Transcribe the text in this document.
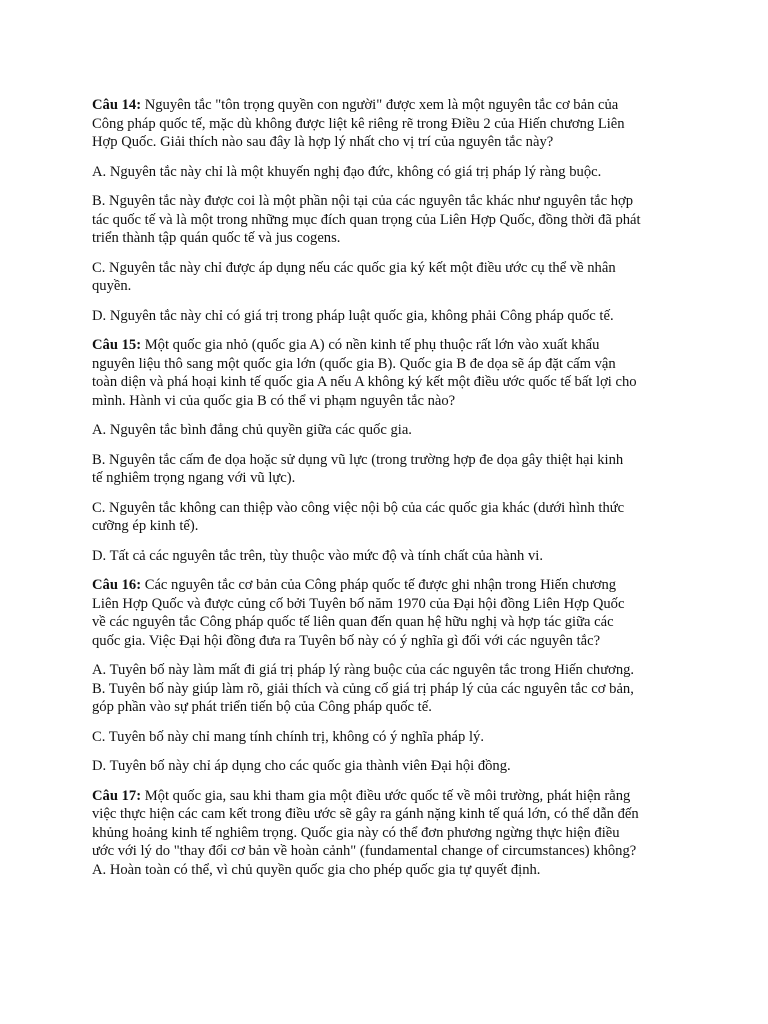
Câu 14: Nguyên tắc "tôn trọng quyền con người" được xem là một nguyên tắc cơ bản của
Công pháp quốc tế, mặc dù không được liệt kê riêng rẽ trong Điều 2 của Hiến chương Liên
Hợp Quốc. Giải thích nào sau đây là hợp lý nhất cho vị trí của nguyên tắc này?

A. Nguyên tắc này chỉ là một khuyến nghị đạo đức, không có giá trị pháp lý ràng buộc.

B. Nguyên tắc này được coi là một phần nội tại của các nguyên tắc khác như nguyên tắc hợp
tác quốc tế và là một trong những mục đích quan trọng của Liên Hợp Quốc, đồng thời đã phát
triển thành tập quán quốc tế và jus cogens.

C. Nguyên tắc này chỉ được áp dụng nếu các quốc gia ký kết một điều ước cụ thể về nhân
quyền.

D. Nguyên tắc này chỉ có giá trị trong pháp luật quốc gia, không phải Công pháp quốc tế.

Câu 15: Một quốc gia nhỏ (quốc gia A) có nền kinh tế phụ thuộc rất lớn vào xuất khẩu
nguyên liệu thô sang một quốc gia lớn (quốc gia B). Quốc gia B đe dọa sẽ áp đặt cấm vận
toàn diện và phá hoại kinh tế quốc gia A nếu A không ký kết một điều ước quốc tế bất lợi cho
mình. Hành vi của quốc gia B có thể vi phạm nguyên tắc nào?

A. Nguyên tắc bình đẳng chủ quyền giữa các quốc gia.

B. Nguyên tắc cấm đe dọa hoặc sử dụng vũ lực (trong trường hợp đe dọa gây thiệt hại kinh
tế nghiêm trọng ngang với vũ lực).

C. Nguyên tắc không can thiệp vào công việc nội bộ của các quốc gia khác (dưới hình thức
cưỡng ép kinh tế).

D. Tất cả các nguyên tắc trên, tùy thuộc vào mức độ và tính chất của hành vi.

Câu 16: Các nguyên tắc cơ bản của Công pháp quốc tế được ghi nhận trong Hiến chương
Liên Hợp Quốc và được củng cố bởi Tuyên bố năm 1970 của Đại hội đồng Liên Hợp Quốc
về các nguyên tắc Công pháp quốc tế liên quan đến quan hệ hữu nghị và hợp tác giữa các
quốc gia. Việc Đại hội đồng đưa ra Tuyên bố này có ý nghĩa gì đối với các nguyên tắc?

A. Tuyên bố này làm mất đi giá trị pháp lý ràng buộc của các nguyên tắc trong Hiến chương.
B. Tuyên bố này giúp làm rõ, giải thích và củng cố giá trị pháp lý của các nguyên tắc cơ bản,
góp phần vào sự phát triển tiến bộ của Công pháp quốc tế.

C. Tuyên bố này chỉ mang tính chính trị, không có ý nghĩa pháp lý.

D. Tuyên bố này chỉ áp dụng cho các quốc gia thành viên Đại hội đồng.

Câu 17: Một quốc gia, sau khi tham gia một điều ước quốc tế về môi trường, phát hiện rằng
việc thực hiện các cam kết trong điều ước sẽ gây ra gánh nặng kinh tế quá lớn, có thể dẫn đến
khủng hoảng kinh tế nghiêm trọng. Quốc gia này có thể đơn phương ngừng thực hiện điều
ước với lý do "thay đổi cơ bản về hoàn cảnh" (fundamental change of circumstances) không?
A. Hoàn toàn có thể, vì chủ quyền quốc gia cho phép quốc gia tự quyết định.
